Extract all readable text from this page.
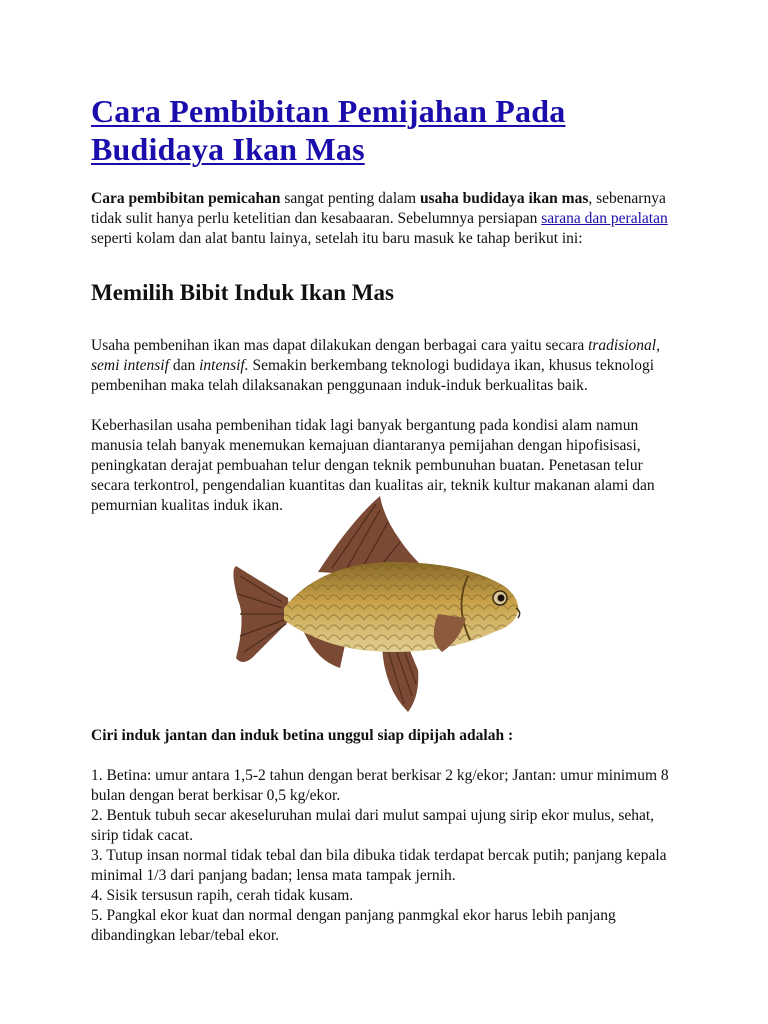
Cara Pembibitan Pemijahan Pada Budidaya Ikan Mas

Cara pembibitan pemicahan sangat penting dalam usaha budidaya ikan mas, sebenarnya tidak sulit hanya perlu ketelitian dan kesabaaran. Sebelumnya persiapan sarana dan peralatan seperti kolam dan alat bantu lainya, setelah itu baru masuk ke tahap berikut ini:

Memilih Bibit Induk Ikan Mas

Usaha pembenihan ikan mas dapat dilakukan dengan berbagai cara yaitu secara tradisional, semi intensif dan intensif. Semakin berkembang teknologi budidaya ikan, khusus teknologi pembenihan maka telah dilaksanakan penggunaan induk-induk berkualitas baik.

Keberhasilan usaha pembenihan tidak lagi banyak bergantung pada kondisi alam namun manusia telah banyak menemukan kemajuan diantaranya pemijahan dengan hipofisisasi, peningkatan derajat pembuahan telur dengan teknik pembunuhan buatan. Penetasan telur secara terkontrol, pengendalian kuantitas dan kualitas air, teknik kultur makanan alami dan pemurnian kualitas induk ikan.

Ciri induk jantan dan induk betina unggul siap dipijah adalah :

1. Betina: umur antara 1,5-2 tahun dengan berat berkisar 2 kg/ekor; Jantan: umur minimum 8 bulan dengan berat berkisar 0,5 kg/ekor.

2. Bentuk tubuh secar akeseluruhan mulai dari mulut sampai ujung sirip ekor mulus, sehat, sirip tidak cacat.

3. Tutup insan normal tidak tebal dan bila dibuka tidak terdapat bercak putih; panjang kepala minimal 1/3 dari panjang badan; lensa mata tampak jernih.

4. Sisik tersusun rapih, cerah tidak kusam.

5. Pangkal ekor kuat dan normal dengan panjang panmgkal ekor harus lebih panjang dibandingkan lebar/tebal ekor.
